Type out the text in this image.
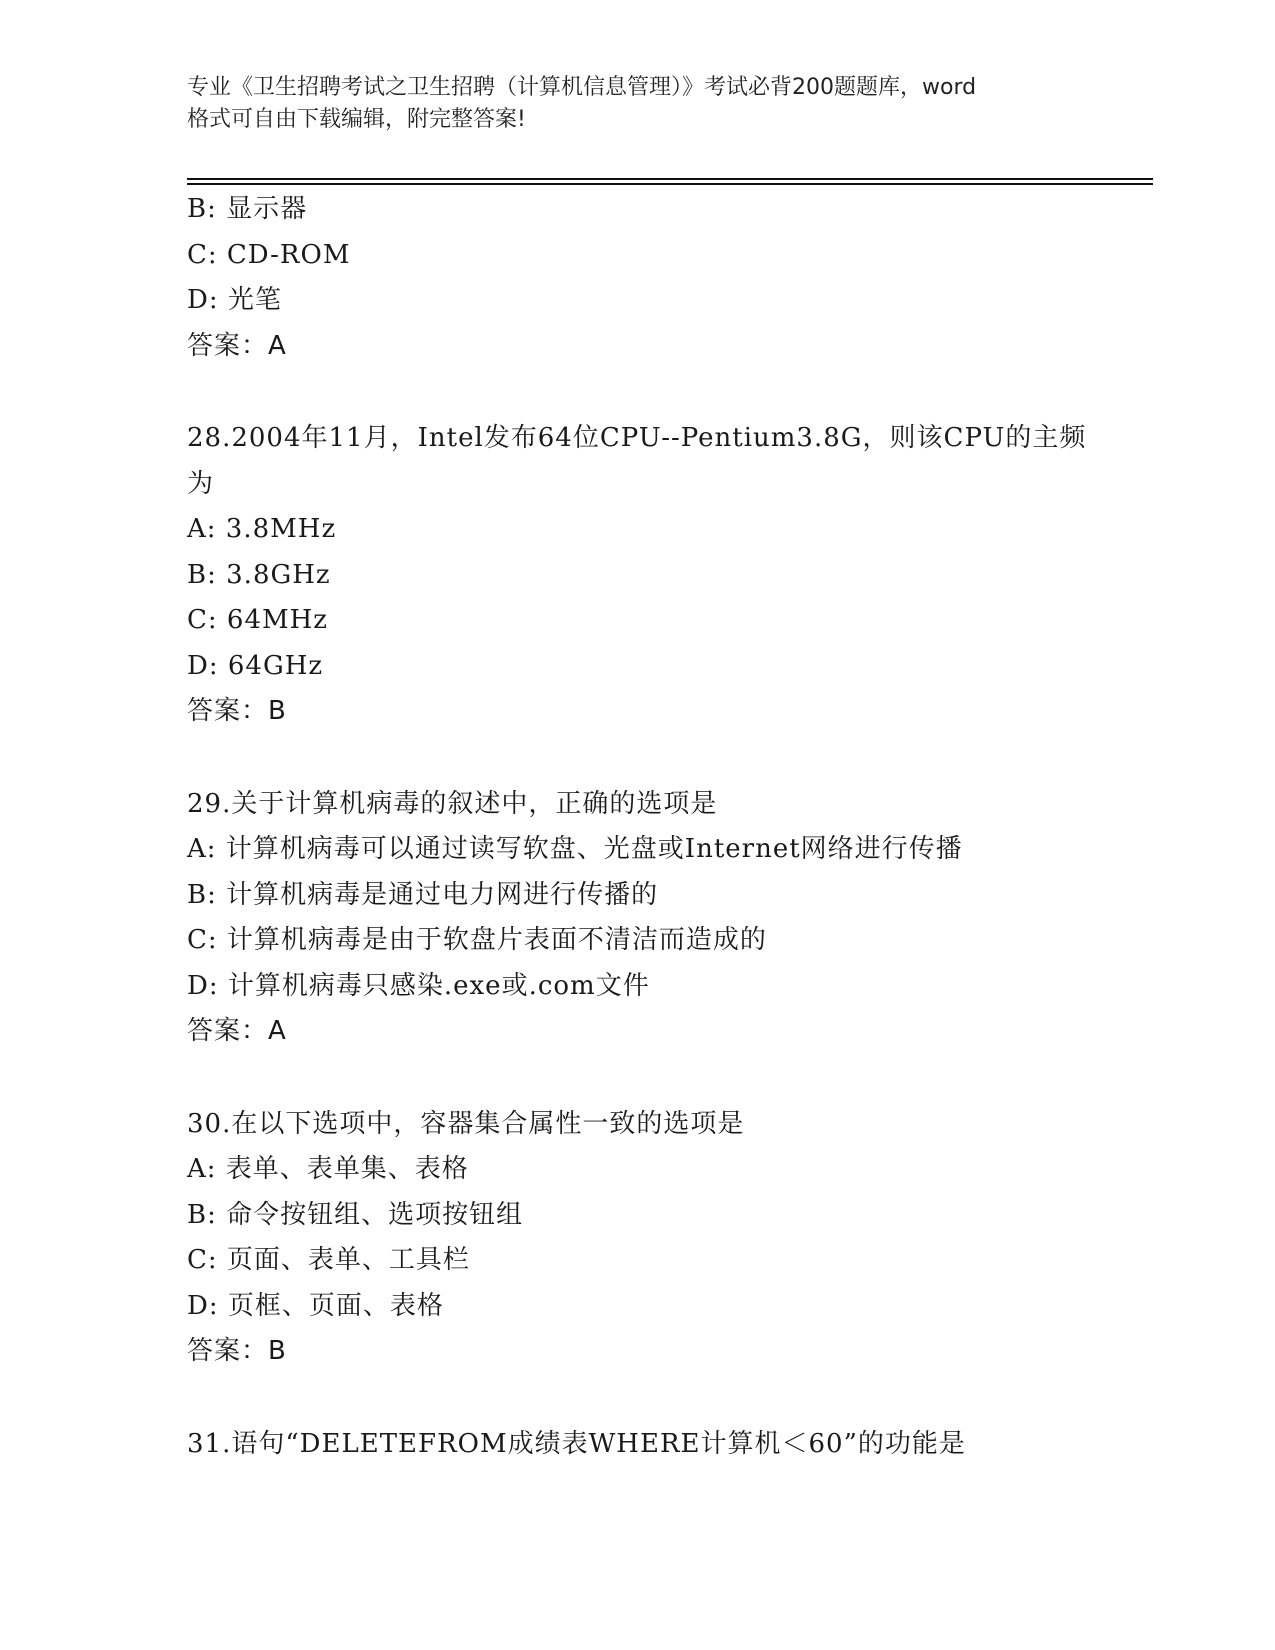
专业《卫生招聘考试之卫生招聘（计算机信息管理）》考试必背200题题库，word
格式可自由下载编辑，附完整答案!
B: 显示器
C: CD-ROM
D: 光笔
答案：A
28.2004年11月，Intel发布64位CPU--Pentium3.8G，则该CPU的主频为
A: 3.8MHz
B: 3.8GHz
C: 64MHz
D: 64GHz
答案：B
29.关于计算机病毒的叙述中，正确的选项是
A: 计算机病毒可以通过读写软盘、光盘或Internet网络进行传播
B: 计算机病毒是通过电力网进行传播的
C: 计算机病毒是由于软盘片表面不清洁而造成的
D: 计算机病毒只感染.exe或.com文件
答案：A
30.在以下选项中，容器集合属性一致的选项是
A: 表单、表单集、表格
B: 命令按钮组、选项按钮组
C: 页面、表单、工具栏
D: 页框、页面、表格
答案：B
31.语句“DELETEFROM成绩表WHERE计算机＜60”的功能是
